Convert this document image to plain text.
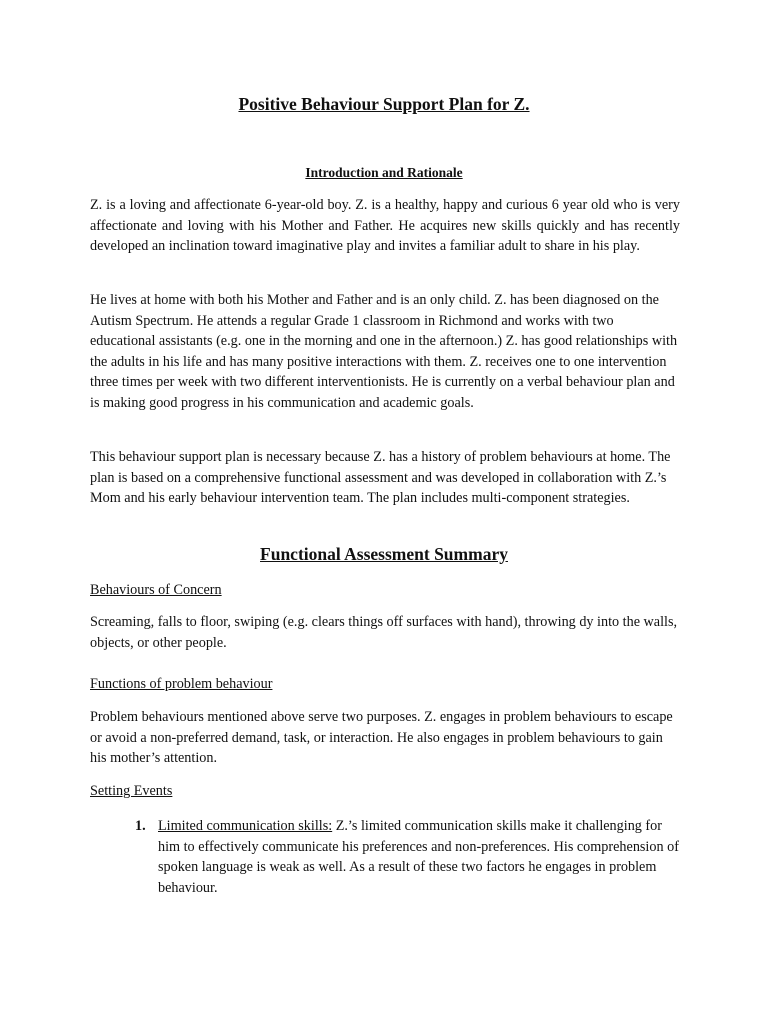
Positive Behaviour Support Plan for Z.
Introduction and Rationale

Z. is a loving and affectionate 6-year-old boy. Z. is a healthy, happy and curious 6 year old who is very affectionate and loving with his Mother and Father. He acquires new skills quickly and has recently developed an inclination toward imaginative play and invites a familiar adult to share in his play.

He lives at home with both his Mother and Father and is an only child. Z. has been diagnosed on the Autism Spectrum. He attends a regular Grade 1 classroom in Richmond and works with two educational assistants (e.g. one in the morning and one in the afternoon.) Z. has good relationships with the adults in his life and has many positive interactions with them. Z. receives one to one intervention three times per week with two different interventionists. He is currently on a verbal behaviour plan and is making good progress in his communication and academic goals.

This behaviour support plan is necessary because Z. has a history of problem behaviours at home. The plan is based on a comprehensive functional assessment and was developed in collaboration with Z.’s Mom and his early behaviour intervention team. The plan includes multi-component strategies.

Functional Assessment Summary

Behaviours of Concern

Screaming, falls to floor, swiping (e.g. clears things off surfaces with hand), throwing dy into the walls, objects, or other people.

Functions of problem behaviour

Problem behaviours mentioned above serve two purposes. Z. engages in problem behaviours to escape or avoid a non-preferred demand, task, or interaction. He also engages in problem behaviours to gain his mother’s attention.

Setting Events

1. Limited communication skills: Z.’s limited communication skills make it challenging for him to effectively communicate his preferences and non-preferences. His comprehension of spoken language is weak as well. As a result of these two factors he engages in problem behaviour.
